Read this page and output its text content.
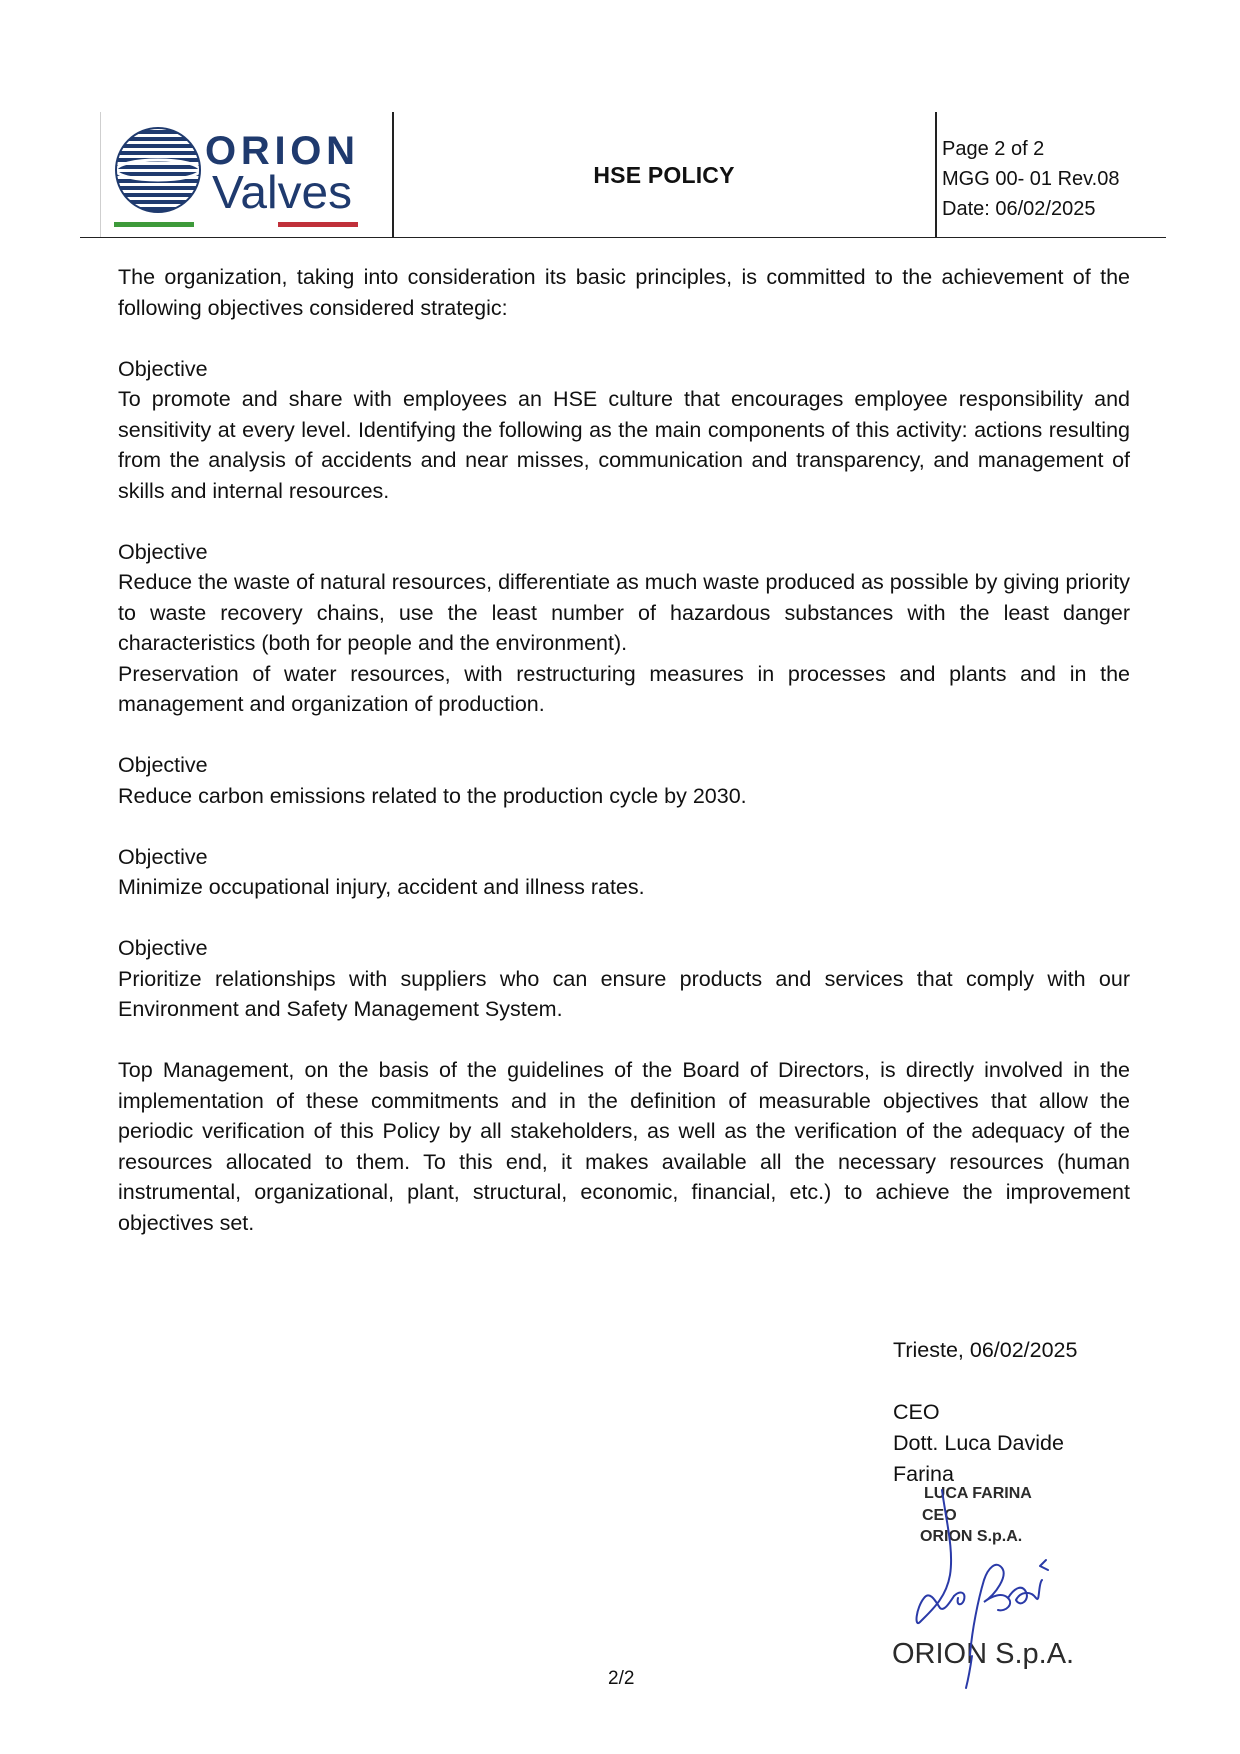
ORION
Valves	HSE POLICY
Page 2 of 2
MGG 00- 01 Rev.08
Date: 06/02/2025

The organization, taking into consideration its basic principles, is committed to the achievement of the following objectives considered strategic:

Objective

To promote and share with employees an HSE culture that encourages employee responsibility and sensitivity at every level. Identifying the following as the main components of this activity: actions resulting from the analysis of accidents and near misses, communication and transparency, and management of skills and internal resources.

Objective

Reduce the waste of natural resources, differentiate as much waste produced as possible by giving priority to waste recovery chains, use the least number of hazardous substances with the least danger characteristics (both for people and the environment).

Preservation of water resources, with restructuring measures in processes and plants and in the management and organization of production.

Objective

Reduce carbon emissions related to the production cycle by 2030.

Objective

Minimize occupational injury, accident and illness rates.

Objective

Prioritize relationships with suppliers who can ensure products and services that comply with our Environment and Safety Management System.

Top Management, on the basis of the guidelines of the Board of Directors, is directly involved in the implementation of these commitments and in the definition of measurable objectives that allow the periodic verification of this Policy by all stakeholders, as well as the verification of the adequacy of the resources allocated to them. To this end, it makes available all the necessary resources (human instrumental, organizational, plant, structural, economic, financial, etc.) to achieve the improvement objectives set.

Trieste, 06/02/2025
CEO
Dott. Luca Davide
Farina
LUCA FARINA
CEO
ORION S.p.A.
ORION S.p.A.
2/2
